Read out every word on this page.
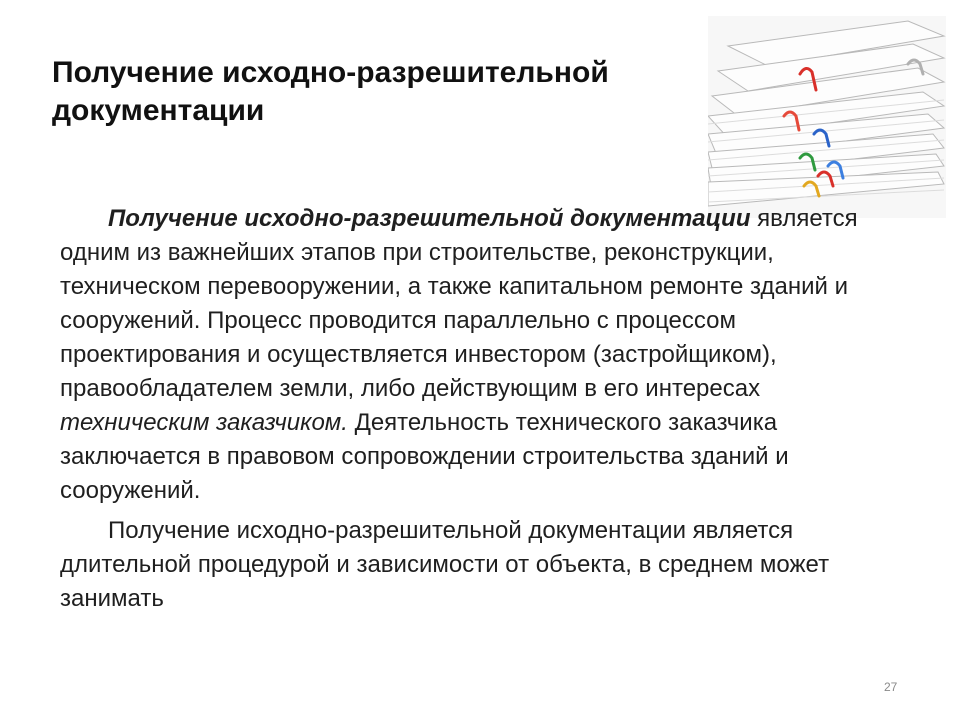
Получение исходно-разрешительной документации

Получение исходно-разрешительной документации является одним из важнейших этапов при строительстве, реконструкции, техническом перевооружении, а также капитальном ремонте зданий и сооружений. Процесс проводится параллельно с процессом проектирования и осуществляется инвестором (застройщиком), правообладателем земли, либо действующим в его интересах техническим заказчиком. Деятельность технического заказчика заключается в правовом сопровождении строительства зданий и сооружений.

Получение исходно-разрешительной документации является длительной процедурой и зависимости от объекта, в среднем может занимать

27
